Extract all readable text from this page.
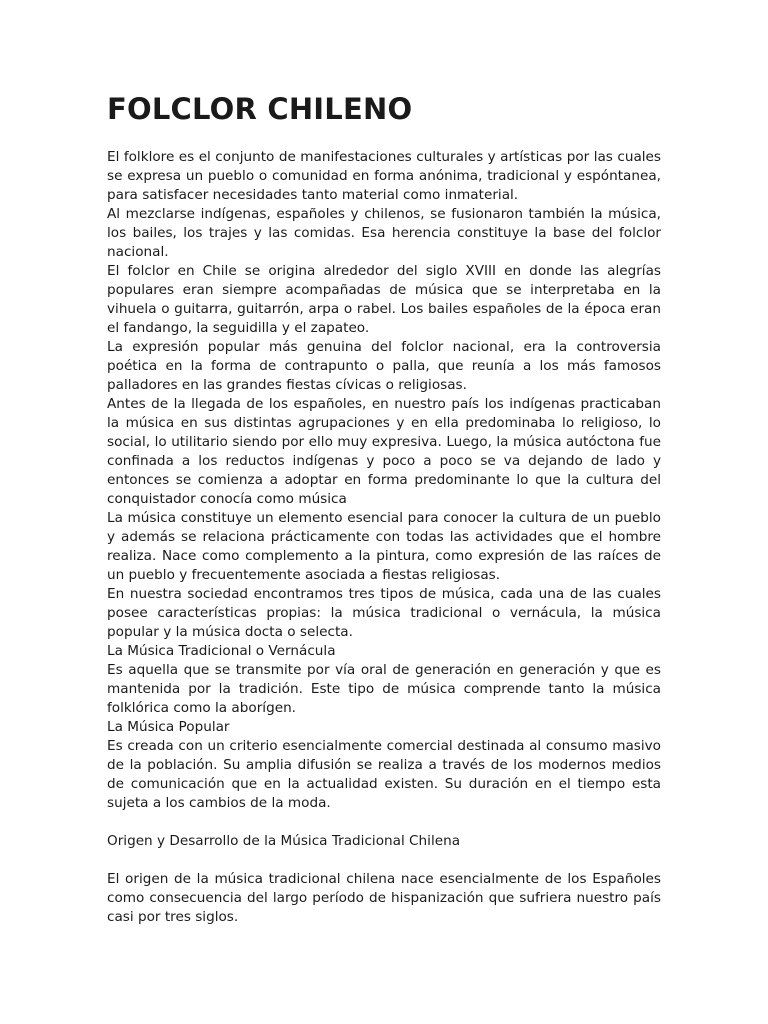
FOLCLOR CHILENO

El folklore es el conjunto de manifestaciones culturales y artísticas por las cuales se expresa un pueblo o comunidad en forma anónima, tradicional y espóntanea, para satisfacer necesidades tanto material como inmaterial.

Al mezclarse indígenas, españoles y chilenos, se fusionaron también la música, los bailes, los trajes y las comidas. Esa herencia constituye la base del folclor nacional.

El folclor en Chile se origina alrededor del siglo XVIII en donde las alegrías populares eran siempre acompañadas de música que se interpretaba en la vihuela o guitarra, guitarrón, arpa o rabel. Los bailes españoles de la época eran el fandango, la seguidilla y el zapateo.

La expresión popular más genuina del folclor nacional, era la controversia poética en la forma de contrapunto o palla, que reunía a los más famosos palladores en las grandes fiestas cívicas o religiosas.

Antes de la llegada de los españoles, en nuestro país los indígenas practicaban la música en sus distintas agrupaciones y en ella predominaba lo religioso, lo social, lo utilitario siendo por ello muy expresiva. Luego, la música autóctona fue confinada a los reductos indígenas y poco a poco se va dejando de lado y entonces se comienza a adoptar en forma predominante lo que la cultura del conquistador conocía como música

La música constituye un elemento esencial para conocer la cultura de un pueblo y además se relaciona prácticamente con todas las actividades que el hombre realiza. Nace como complemento a la pintura, como expresión de las raíces de un pueblo y frecuentemente asociada a fiestas religiosas.

En nuestra sociedad encontramos tres tipos de música, cada una de las cuales posee características propias: la música tradicional o vernácula, la música popular y la música docta o selecta.

La Música Tradicional o Vernácula

Es aquella que se transmite por vía oral de generación en generación y que es mantenida por la tradición. Este tipo de música comprende tanto la música folklórica como la aborígen.

La Música Popular

Es creada con un criterio esencialmente comercial destinada al consumo masivo de la población. Su amplia difusión se realiza a través de los modernos medios de comunicación que en la actualidad existen. Su duración en el tiempo esta sujeta a los cambios de la moda.

Origen y Desarrollo de la Música Tradicional Chilena

El origen de la música tradicional chilena nace esencialmente de los Españoles como consecuencia del largo período de hispanización que sufriera nuestro país casi por tres siglos.
